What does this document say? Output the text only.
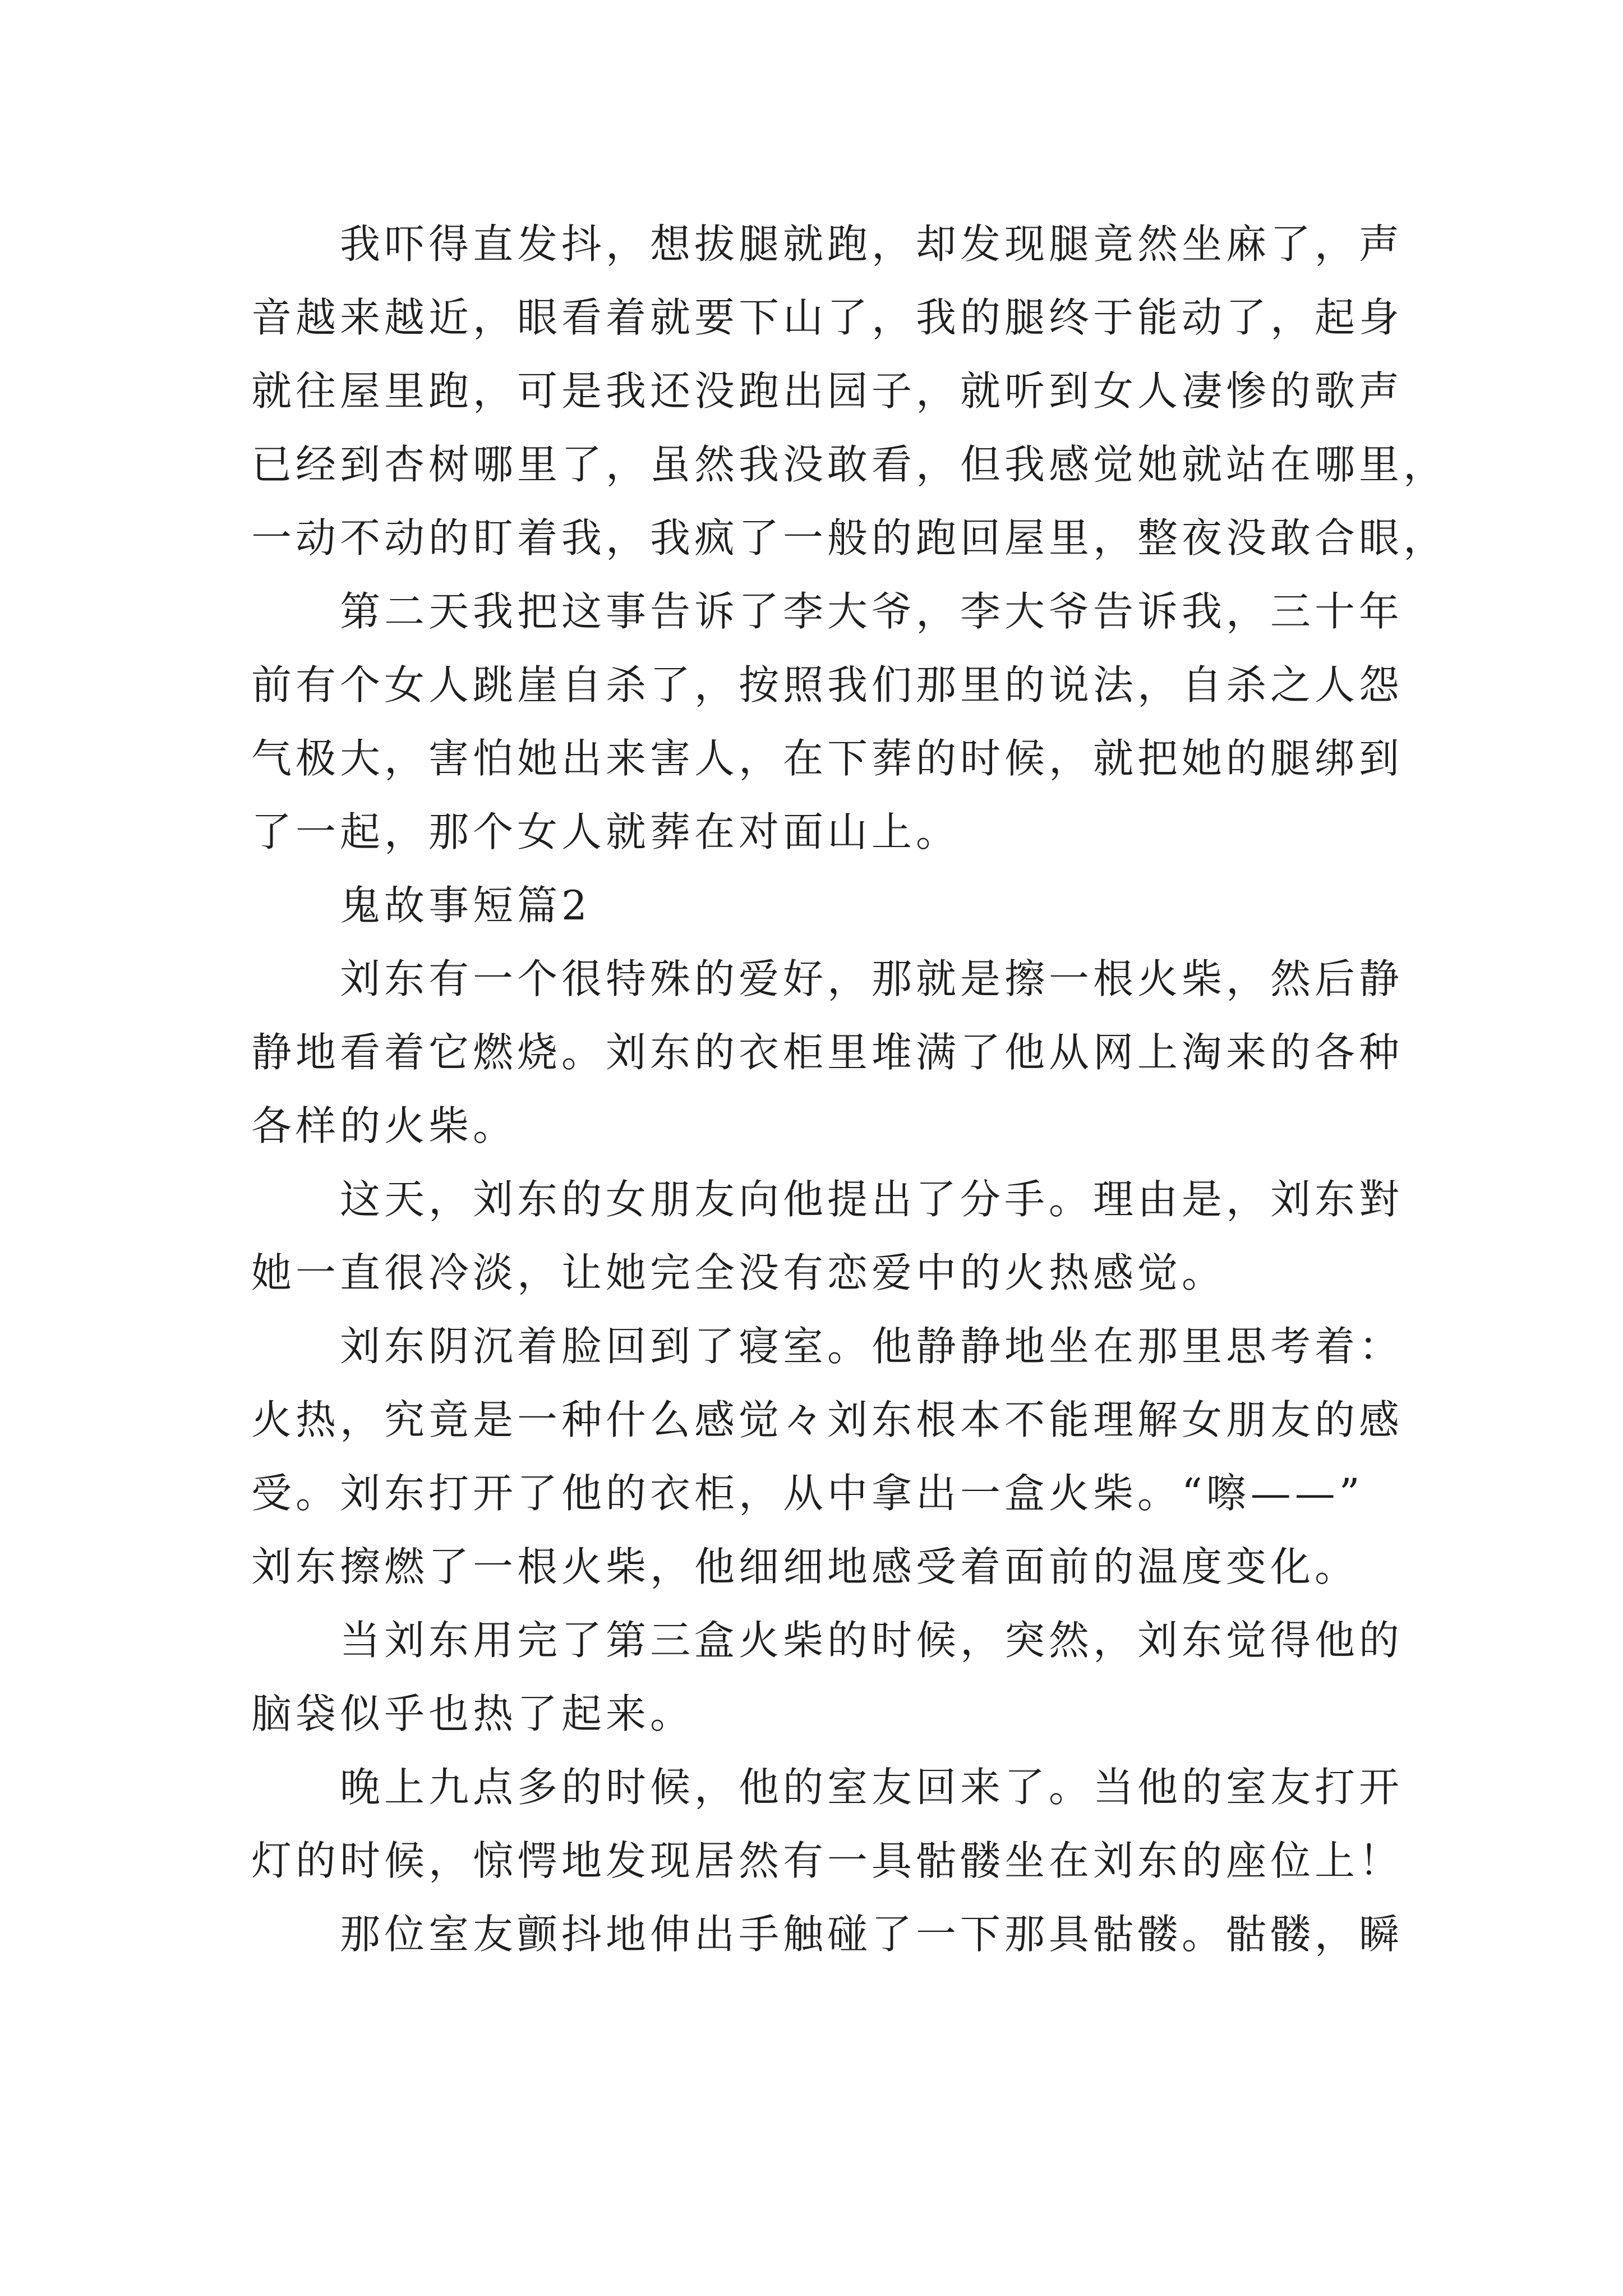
我吓得直发抖，想拔腿就跑，却发现腿竟然坐麻了，声
音越来越近，眼看着就要下山了，我的腿终于能动了，起身
就往屋里跑，可是我还没跑出园子，就听到女人凄惨的歌声
已经到杏树哪里了，虽然我没敢看，但我感觉她就站在哪里，
一动不动的盯着我，我疯了一般的跑回屋里，整夜没敢合眼，
第二天我把这事告诉了李大爷，李大爷告诉我，三十年
前有个女人跳崖自杀了，按照我们那里的说法，自杀之人怨
气极大，害怕她出来害人，在下葬的时候，就把她的腿绑到
了一起，那个女人就葬在对面山上。
鬼故事短篇2
刘东有一个很特殊的爱好，那就是擦一根火柴，然后静
静地看着它燃烧。刘东的衣柜里堆满了他从网上淘来的各种
各样的火柴。
这天，刘东的女朋友向他提出了分手。理由是，刘东對
她一直很冷淡，让她完全没有恋爱中的火热感觉。
刘东阴沉着脸回到了寝室。他静静地坐在那里思考着：
火热，究竟是一种什么感觉々刘东根本不能理解女朋友的感
受。刘东打开了他的衣柜，从中拿出一盒火柴。“嚓——”
刘东擦燃了一根火柴，他细细地感受着面前的温度变化。
当刘东用完了第三盒火柴的时候，突然，刘东觉得他的
脑袋似乎也热了起来。
晚上九点多的时候，他的室友回来了。当他的室友打开
灯的时候，惊愕地发现居然有一具骷髅坐在刘东的座位上！
那位室友颤抖地伸出手触碰了一下那具骷髅。骷髅，瞬
